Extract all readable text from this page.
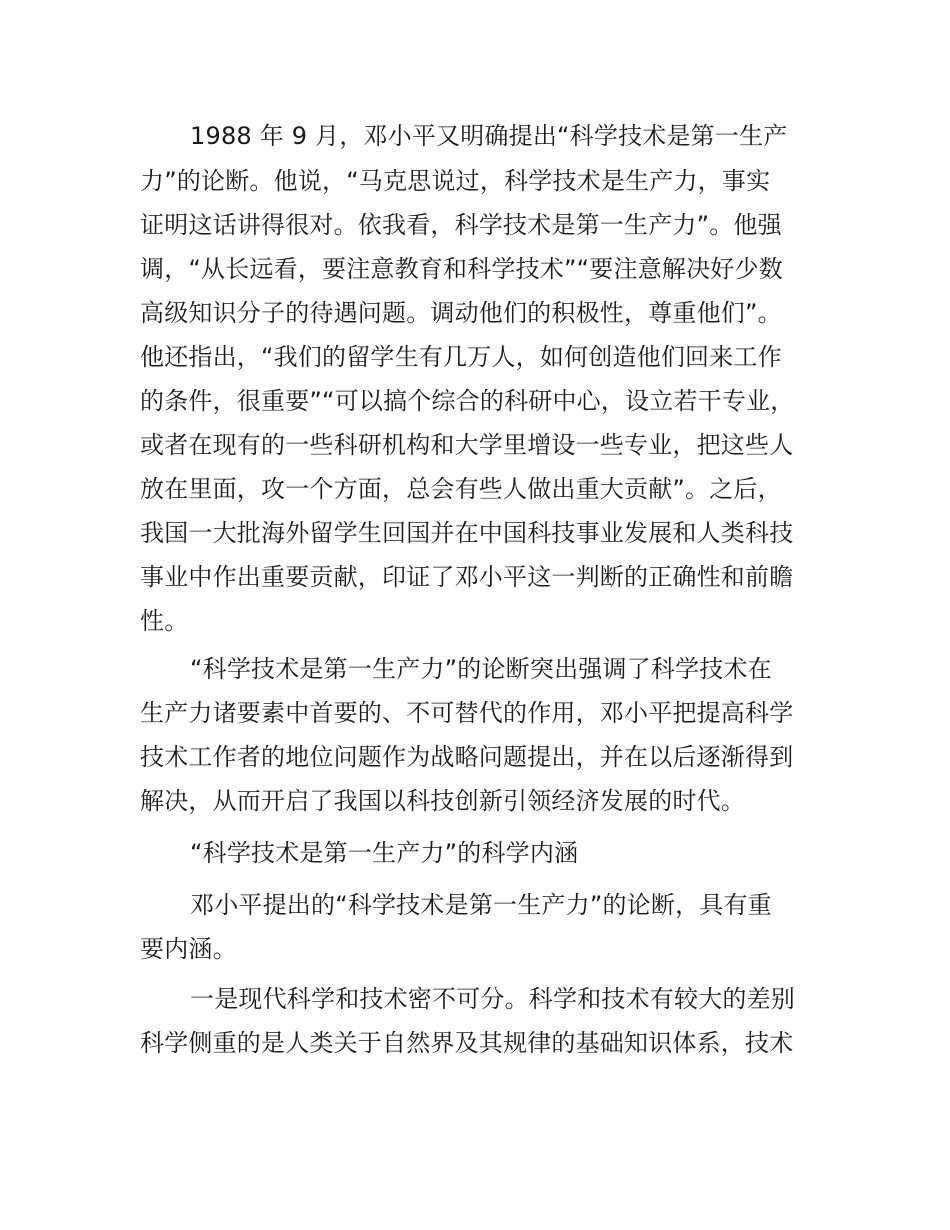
1988 年 9 月，邓小平又明确提出“科学技术是第一生产
力”的论断。他说，“马克思说过，科学技术是生产力，事实
证明这话讲得很对。依我看，科学技术是第一生产力”。他强
调，“从长远看，要注意教育和科学技术”“要注意解决好少数
高级知识分子的待遇问题。调动他们的积极性，尊重他们”。
他还指出，“我们的留学生有几万人，如何创造他们回来工作
的条件，很重要”“可以搞个综合的科研中心，设立若干专业，
或者在现有的一些科研机构和大学里增设一些专业，把这些人
放在里面，攻一个方面，总会有些人做出重大贡献”。之后，
我国一大批海外留学生回国并在中国科技事业发展和人类科技
事业中作出重要贡献，印证了邓小平这一判断的正确性和前瞻
性。
“科学技术是第一生产力”的论断突出强调了科学技术在
生产力诸要素中首要的、不可替代的作用，邓小平把提高科学
技术工作者的地位问题作为战略问题提出，并在以后逐渐得到
解决，从而开启了我国以科技创新引领经济发展的时代。
“科学技术是第一生产力”的科学内涵
邓小平提出的“科学技术是第一生产力”的论断，具有重
要内涵。
一是现代科学和技术密不可分。科学和技术有较大的差别
科学侧重的是人类关于自然界及其规律的基础知识体系，技术
